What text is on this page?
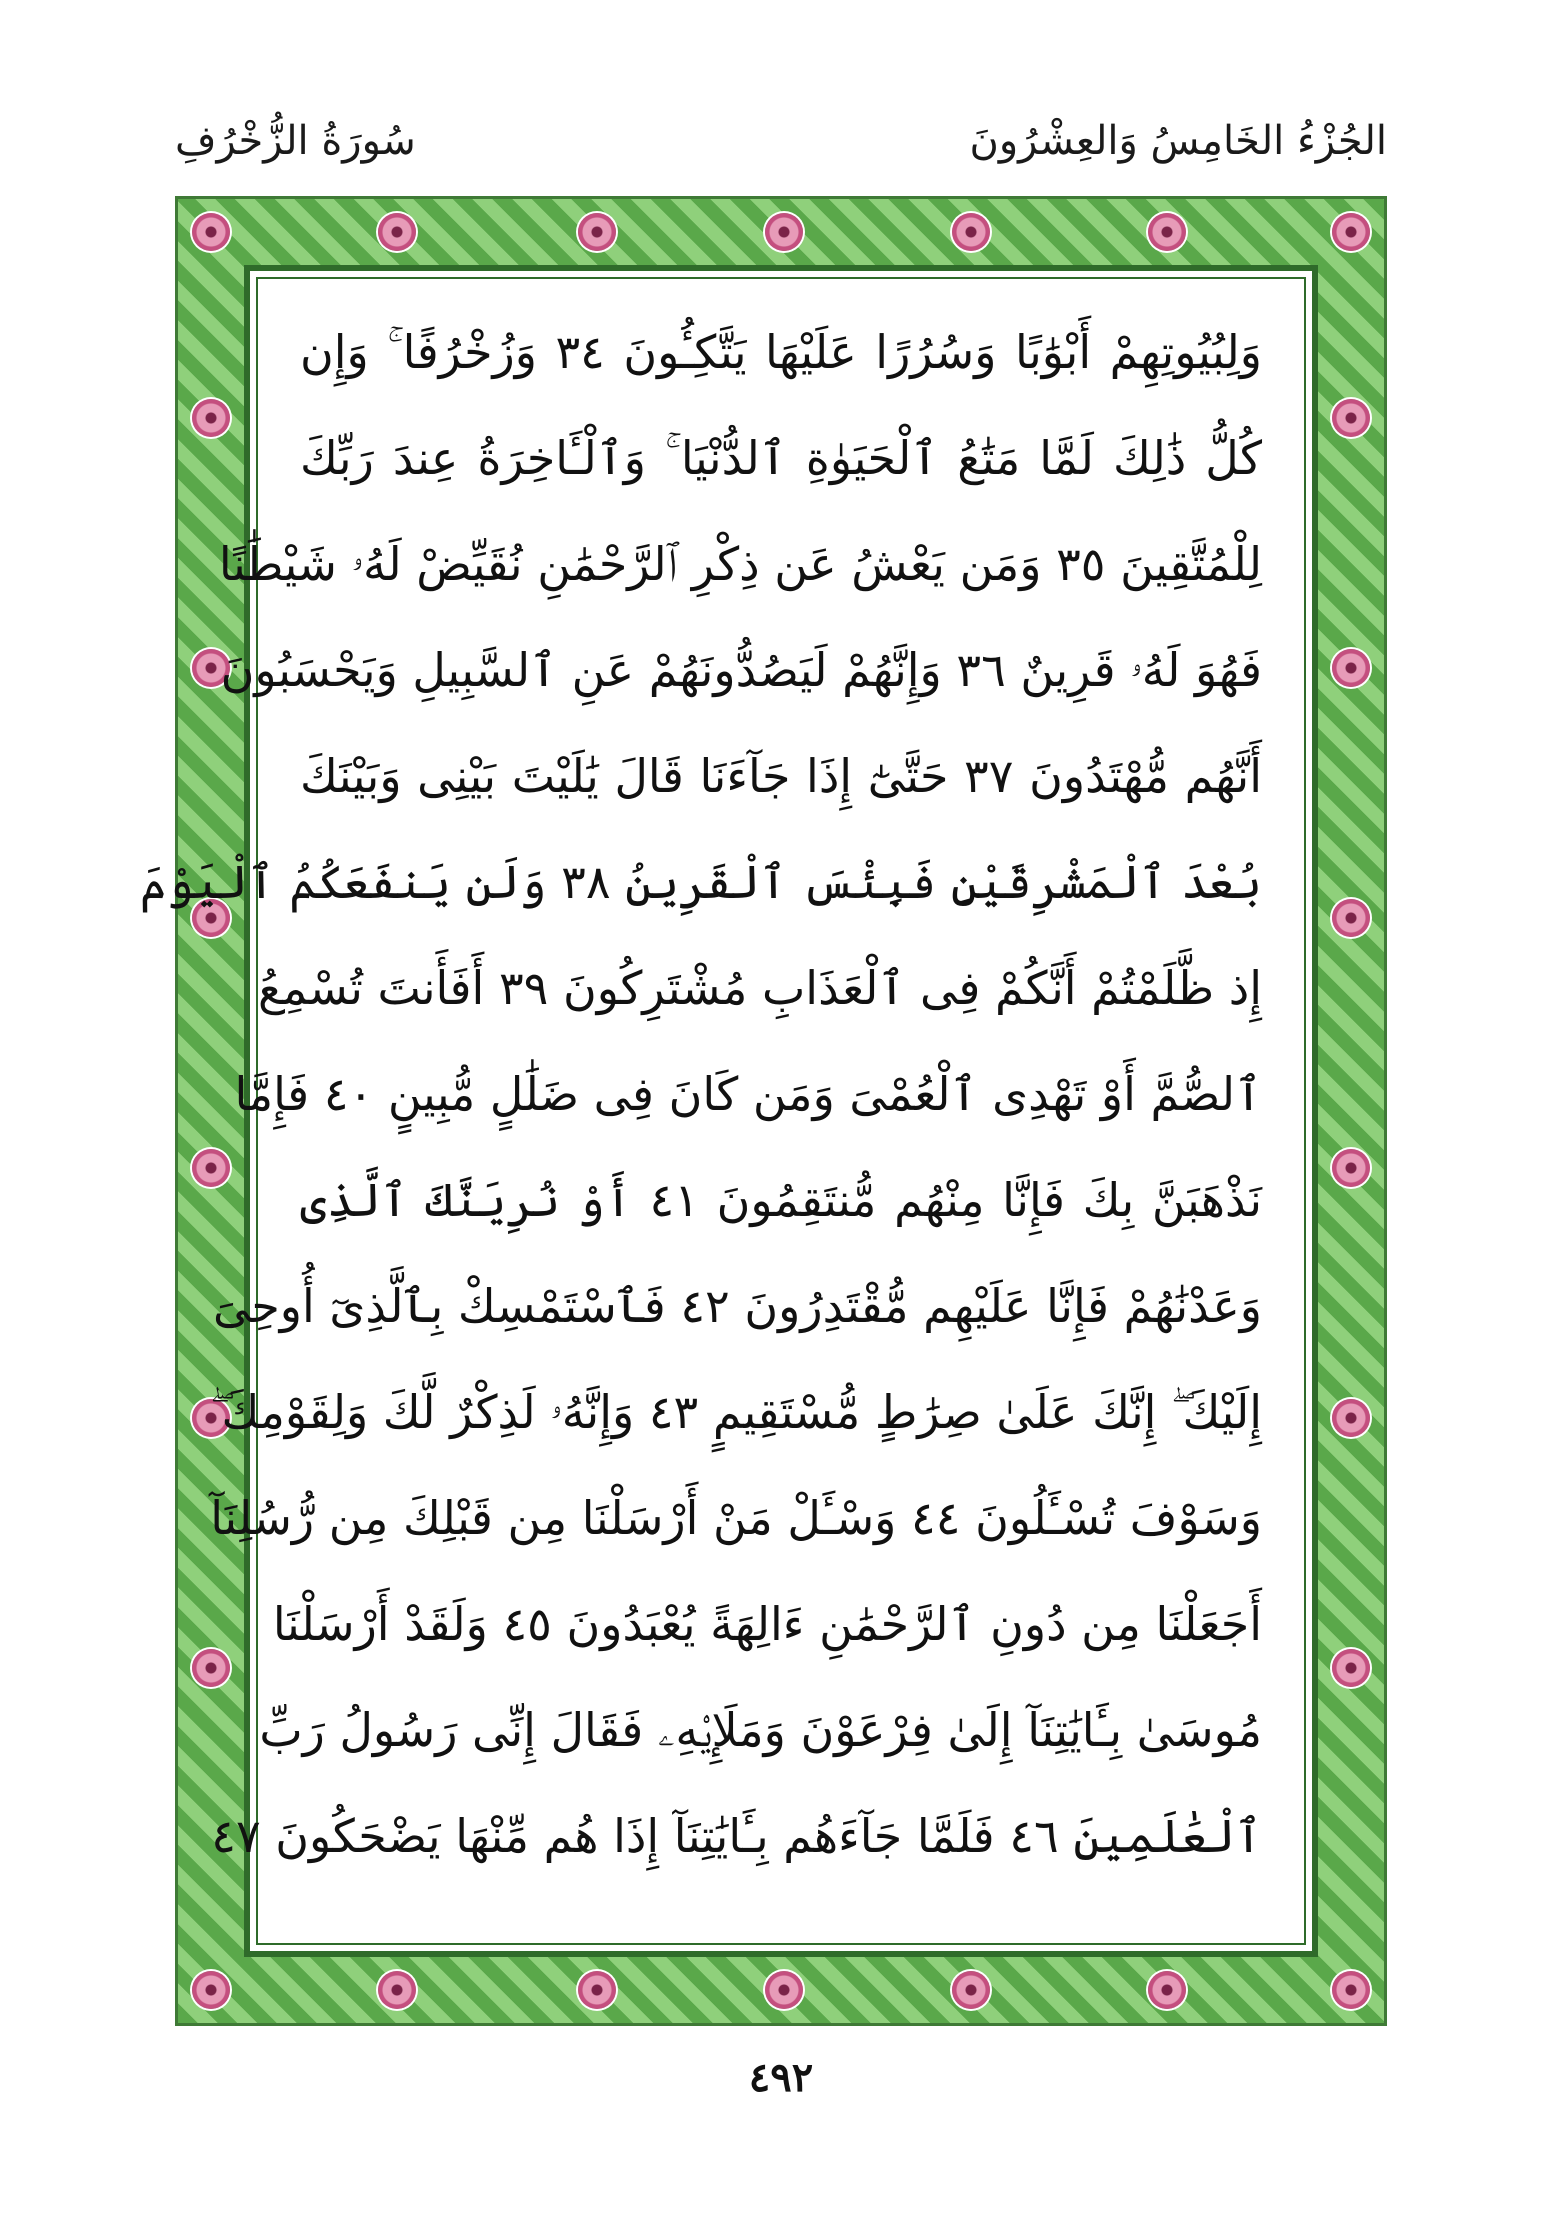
الجُزْءُ الخَامِسُ وَالعِشْرُونَ
سُورَةُ الزُّخْرُفِ
وَلِبُيُوتِهِمْ أَبْوَٰبًا وَسُرُرًا عَلَيْهَا يَتَّكِـُٔونَ ٣٤ وَزُخْرُفًا ۚ وَإِن
كُلُّ ذَٰلِكَ لَمَّا مَتَٰعُ ٱلْحَيَوٰةِ ٱلدُّنْيَا ۚ وَٱلْـَٔاخِرَةُ عِندَ رَبِّكَ
لِلْمُتَّقِينَ ٣٥ وَمَن يَعْشُ عَن ذِكْرِ ٱلرَّحْمَٰنِ نُقَيِّضْ لَهُۥ شَيْطَٰنًا
فَهُوَ لَهُۥ قَرِينٌ ٣٦ وَإِنَّهُمْ لَيَصُدُّونَهُمْ عَنِ ٱلسَّبِيلِ وَيَحْسَبُونَ
أَنَّهُم مُّهْتَدُونَ ٣٧ حَتَّىٰٓ إِذَا جَآءَنَا قَالَ يَٰلَيْتَ بَيْنِى وَبَيْنَكَ
بُعْدَ ٱلْمَشْرِقَيْنِ فَبِئْسَ ٱلْقَرِينُ ٣٨ وَلَن يَنفَعَكُمُ ٱلْيَوْمَ
إِذ ظَّلَمْتُمْ أَنَّكُمْ فِى ٱلْعَذَابِ مُشْتَرِكُونَ ٣٩ أَفَأَنتَ تُسْمِعُ
ٱلصُّمَّ أَوْ تَهْدِى ٱلْعُمْىَ وَمَن كَانَ فِى ضَلَٰلٍ مُّبِينٍ ٤٠ فَإِمَّا
نَذْهَبَنَّ بِكَ فَإِنَّا مِنْهُم مُّنتَقِمُونَ ٤١ أَوْ نُرِيَنَّكَ ٱلَّذِى
وَعَدْنَٰهُمْ فَإِنَّا عَلَيْهِم مُّقْتَدِرُونَ ٤٢ فَٱسْتَمْسِكْ بِٱلَّذِىٓ أُوحِىَ
إِلَيْكَ ۖ إِنَّكَ عَلَىٰ صِرَٰطٍ مُّسْتَقِيمٍ ٤٣ وَإِنَّهُۥ لَذِكْرٌ لَّكَ وَلِقَوْمِكَ ۖ
وَسَوْفَ تُسْـَٔلُونَ ٤٤ وَسْـَٔلْ مَنْ أَرْسَلْنَا مِن قَبْلِكَ مِن رُّسُلِنَآ
أَجَعَلْنَا مِن دُونِ ٱلرَّحْمَٰنِ ءَالِهَةً يُعْبَدُونَ ٤٥ وَلَقَدْ أَرْسَلْنَا
مُوسَىٰ بِـَٔايَٰتِنَآ إِلَىٰ فِرْعَوْنَ وَمَلَإِي۟هِۦ فَقَالَ إِنِّى رَسُولُ رَبِّ
ٱلْعَٰلَمِينَ ٤٦ فَلَمَّا جَآءَهُم بِـَٔايَٰتِنَآ إِذَا هُم مِّنْهَا يَضْحَكُونَ ٤٧
٤٩٢
